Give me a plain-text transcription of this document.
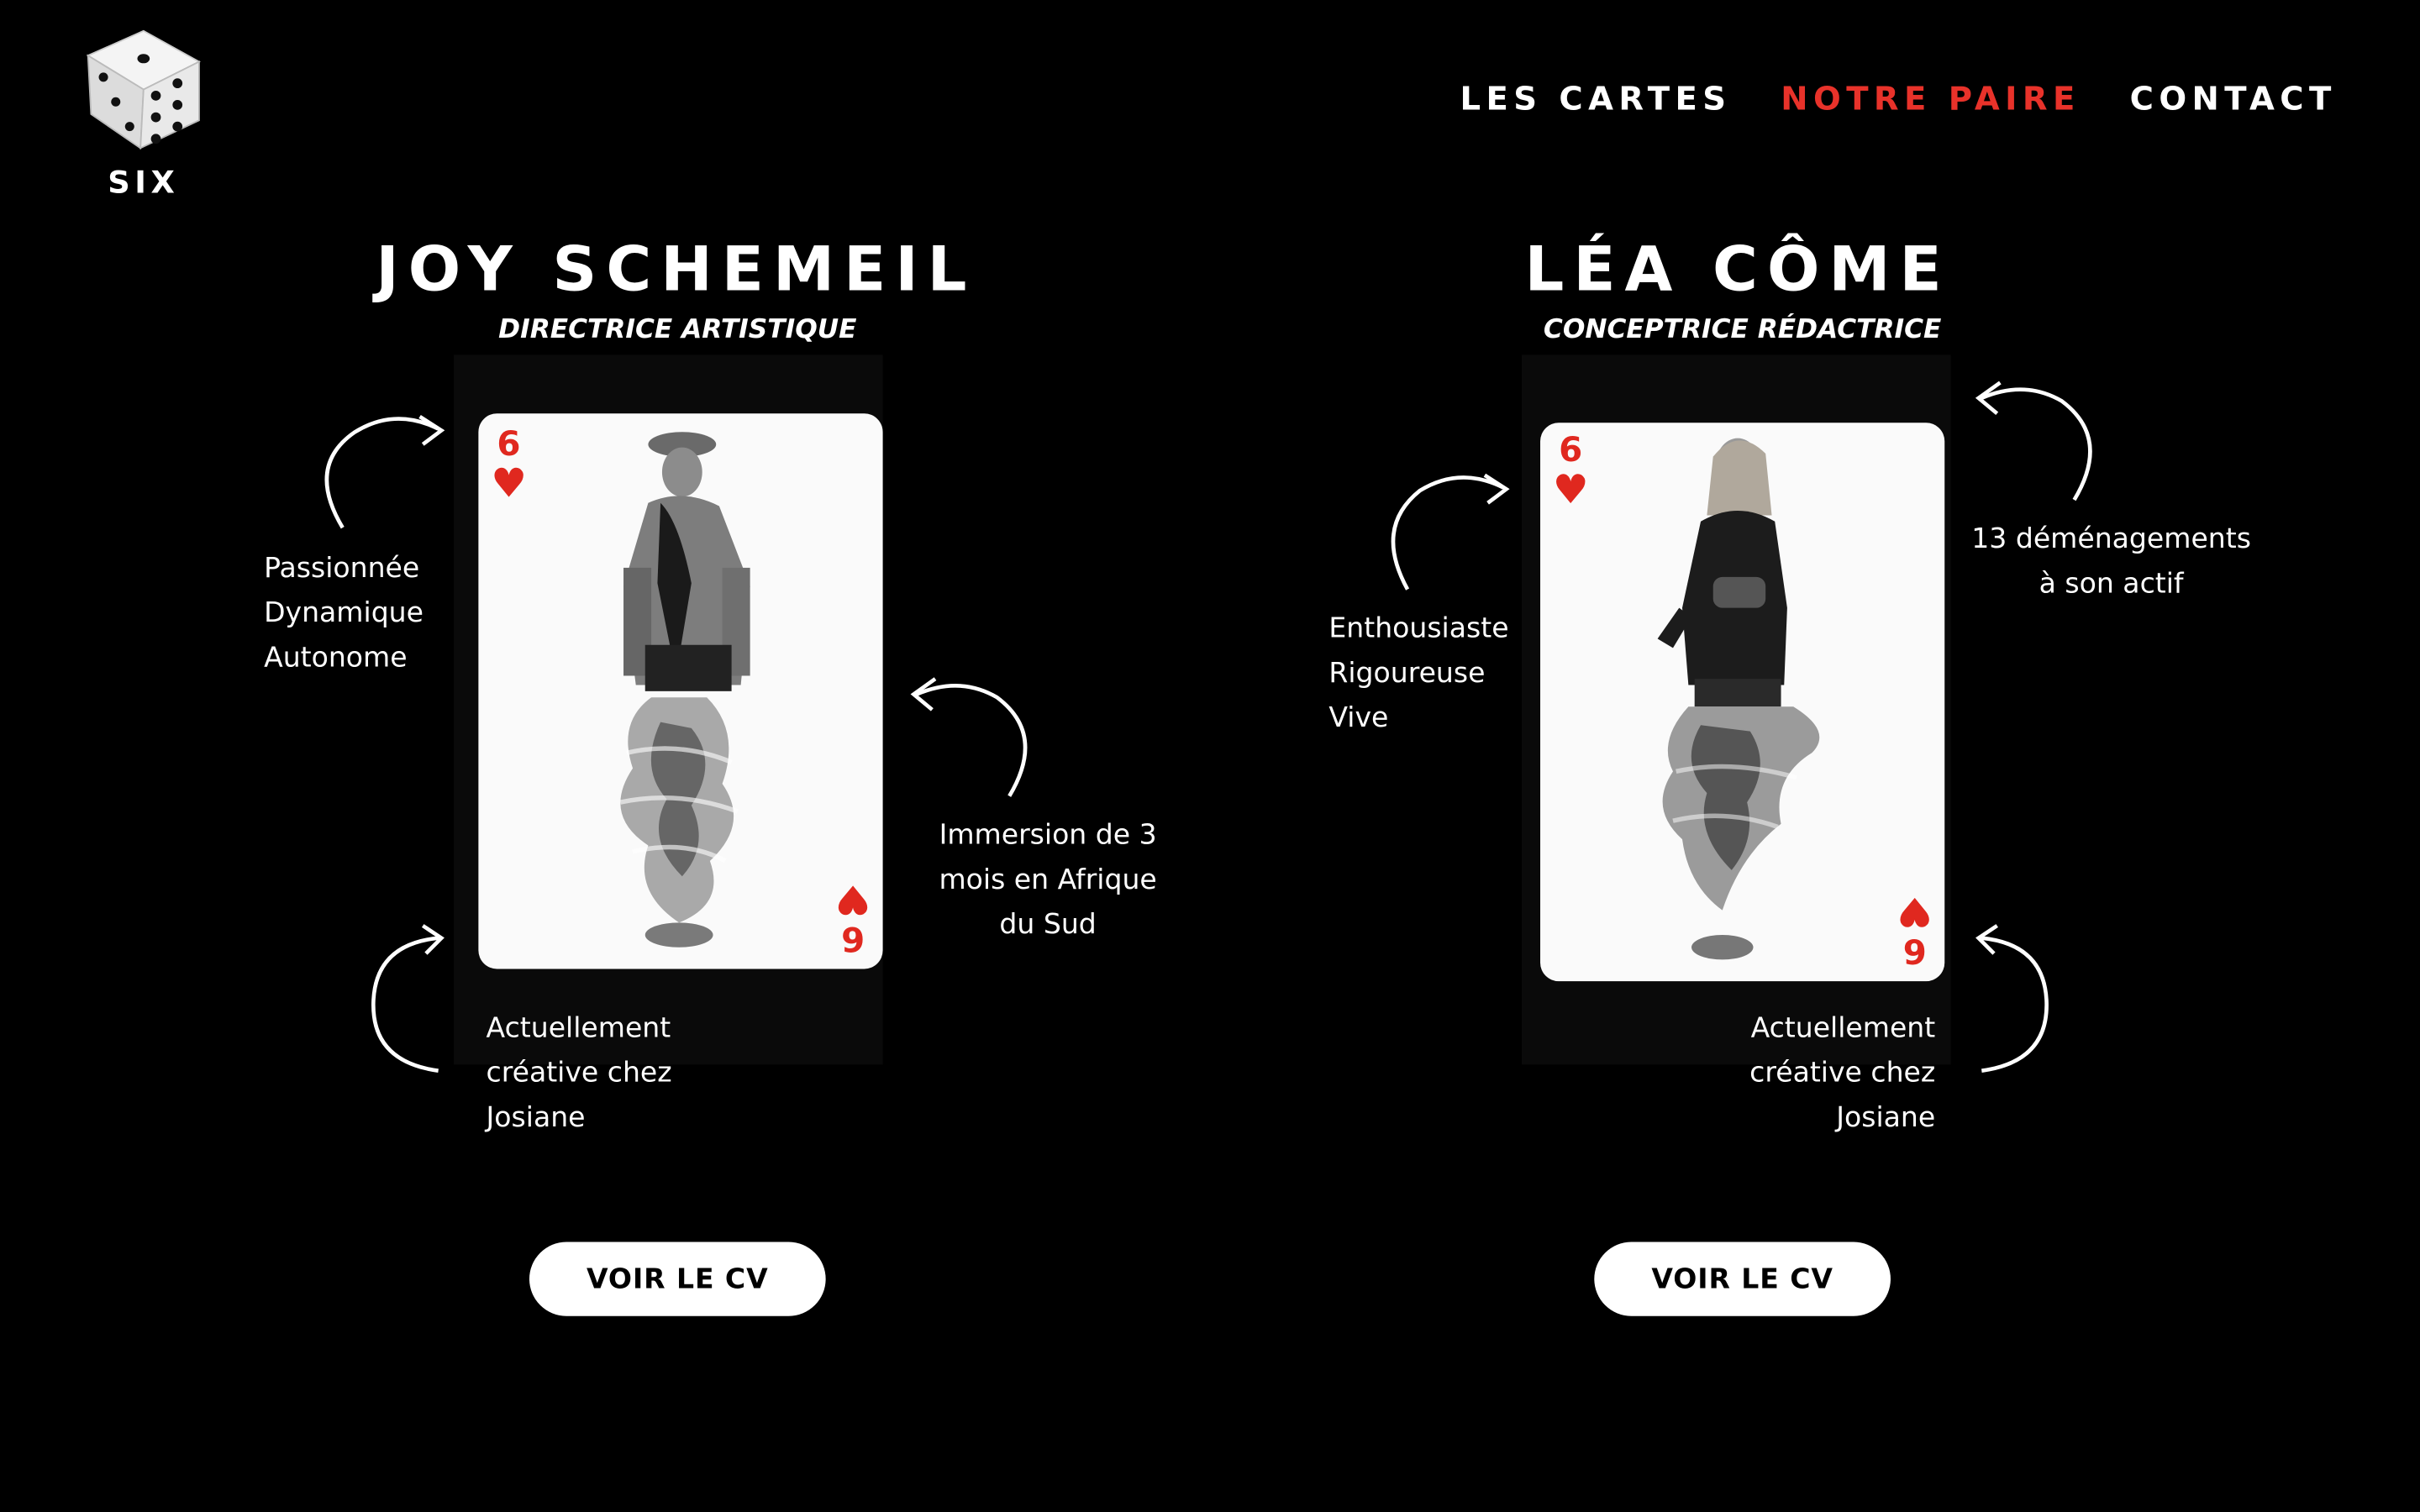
SIX
LES CARTES	NOTRE PAIRE	CONTACT
JOY SCHEMEIL
DIRECTRICE ARTISTIQUE
6
♥
6
♥
Passionnée
Dynamique
Autonome
Immersion de 3
mois en Afrique
du Sud
Actuellement
créative chez
Josiane
VOIR LE CV
LÉA CÔME
CONCEPTRICE RÉDACTRICE
6
♥
6
♥
Enthousiaste
Rigoureuse
Vive
13 déménagements
à son actif
Actuellement
créative chez
Josiane
VOIR LE CV
